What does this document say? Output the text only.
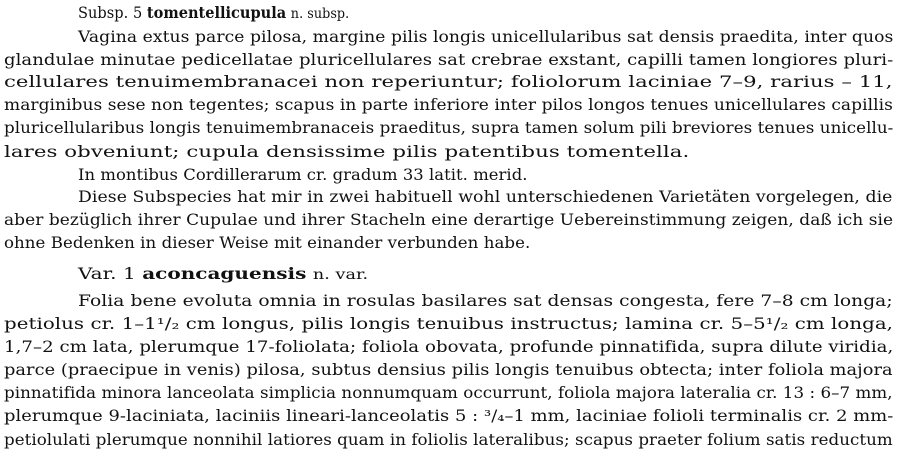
Subsp. 5 tomentellicupula n. subsp.
Vagina extus parce pilosa, margine pilis longis unicellularibus sat densis praedita, inter quos
glandulae minutae pedicellatae pluricellulares sat crebrae exstant, capilli tamen longiores pluri-
cellulares tenuimembranacei non reperiuntur; foliolorum laciniae 7–9, rarius – 11,
marginibus sese non tegentes; scapus in parte inferiore inter pilos longos tenues unicellulares capillis
pluricellularibus longis tenuimembranaceis praeditus, supra tamen solum pili breviores tenues unicellu-
lares obveniunt; cupula densissime pilis patentibus tomentella.
In montibus Cordillerarum cr. gradum 33 latit. merid.
Diese Subspecies hat mir in zwei habituell wohl unterschiedenen Varietäten vorgelegen, die
aber bezüglich ihrer Cupulae und ihrer Stacheln eine derartige Uebereinstimmung zeigen, daß ich sie
ohne Bedenken in dieser Weise mit einander verbunden habe.
Var. 1 aconcaguensis n. var.
Folia bene evoluta omnia in rosulas basilares sat densas congesta, fere 7–8 cm longa;
petiolus cr. 1–1¹/₂ cm longus, pilis longis tenuibus instructus; lamina cr. 5–5¹/₂ cm longa,
1,7–2 cm lata, plerumque 17-foliolata; foliola obovata, profunde pinnatifida, supra dilute viridia,
parce (praecipue in venis) pilosa, subtus densius pilis longis tenuibus obtecta; inter foliola majora
pinnatifida minora lanceolata simplicia nonnumquam occurrunt, foliola majora lateralia cr. 13 : 6–7 mm,
plerumque 9-laciniata, laciniis lineari-lanceolatis 5 : ³/₄–1 mm, laciniae folioli terminalis cr. 2 mm-
petiolulati plerumque nonnihil latiores quam in foliolis lateralibus; scapus praeter folium satis reductum
